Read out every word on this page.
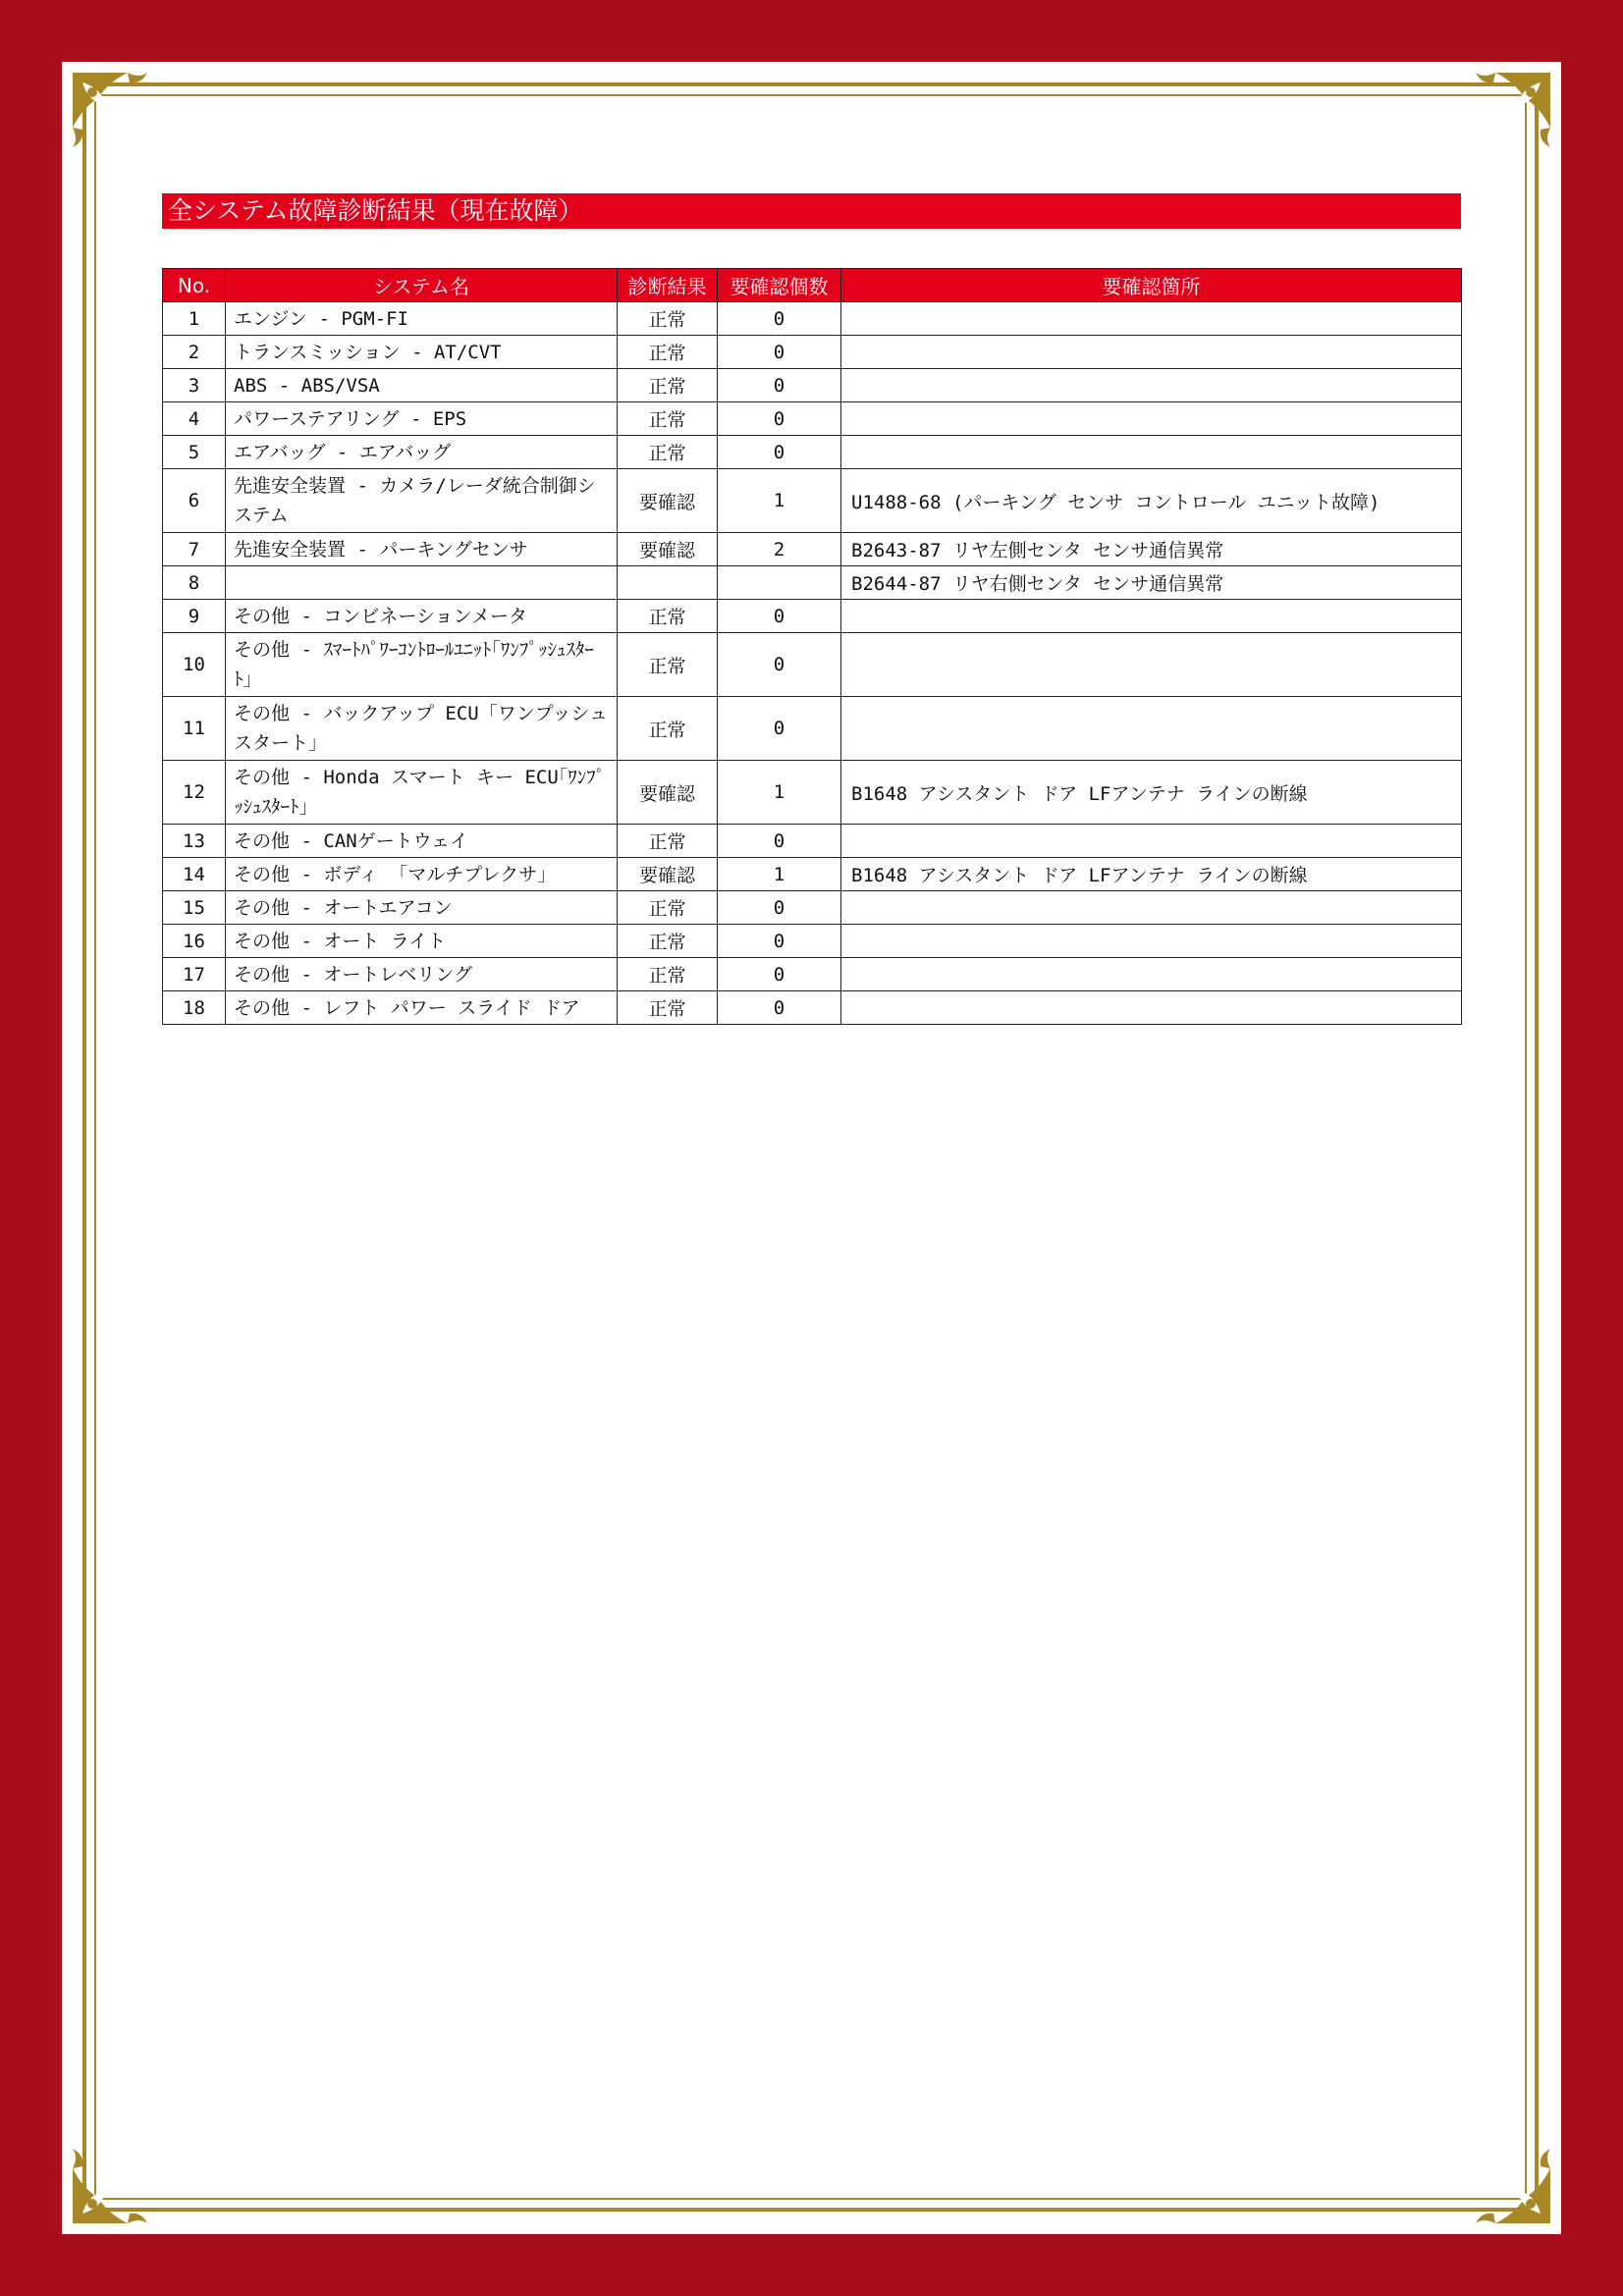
全システム故障診断結果（現在故障）
No.	システム名	診断結果	要確認個数	要確認箇所
1	エンジン - PGM-FI	正常	0	
2	トランスミッション - AT/CVT	正常	0	
3	ABS - ABS/VSA	正常	0	
4	パワーステアリング - EPS	正常	0	
5	エアバッグ - エアバッグ	正常	0	
6	先進安全装置 - カメラ/レーダ統合制御システム	要確認	1	U1488-68 (パーキング センサ コントロール ユニット故障)
7	先進安全装置 - パーキングセンサ	要確認	2	B2643-87 リヤ左側センタ センサ通信異常
8				B2644-87 リヤ右側センタ センサ通信異常
9	その他 - コンビネーションメータ	正常	0	
10	その他 - ｽﾏｰﾄﾊﾟﾜｰｺﾝﾄﾛｰﾙﾕﾆｯﾄ｢ﾜﾝﾌﾟｯｼｭｽﾀｰﾄ｣	正常	0	
11	その他 - バックアップ ECU「ワンプッシュスタート」	正常	0	
12	その他 - Honda スマート キー ECU｢ﾜﾝﾌﾟｯｼｭｽﾀｰﾄ｣	要確認	1	B1648 アシスタント ドア LFアンテナ ラインの断線
13	その他 - CANゲートウェイ	正常	0	
14	その他 - ボディ 「マルチプレクサ」	要確認	1	B1648 アシスタント ドア LFアンテナ ラインの断線
15	その他 - オートエアコン	正常	0	
16	その他 - オート ライト	正常	0	
17	その他 - オートレベリング	正常	0	
18	その他 - レフト パワー スライド ドア	正常	0	
